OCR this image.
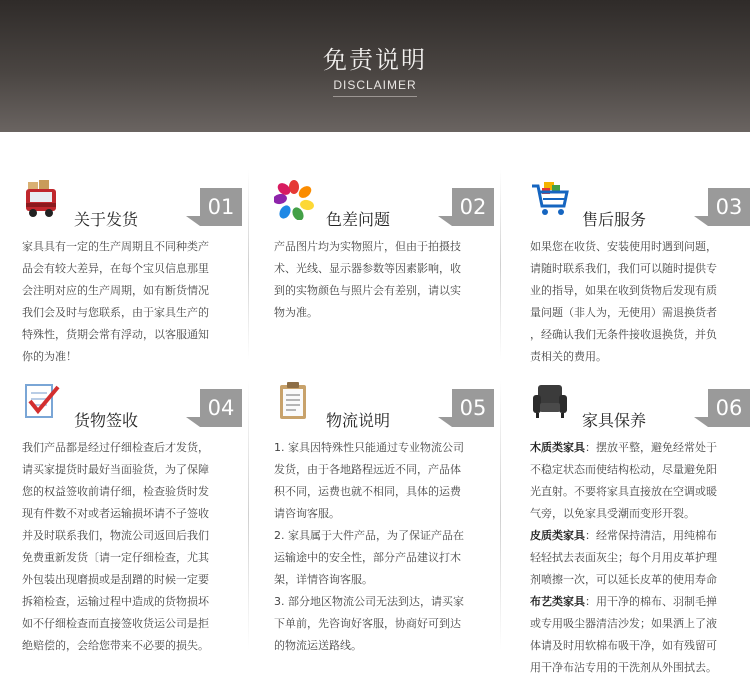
免责说明
DISCLAIMER
关于发货
01

家具具有一定的生产周期且不同种类产

品会有较大差异，在每个宝贝信息那里

会注明对应的生产周期，如有断货情况

我们会及时与您联系，由于家具生产的

特殊性，货期会常有浮动，以客服通知

你的为准！

色差问题
02

产品图片均为实物照片，但由于拍摄技

术、光线、显示器参数等因素影响，收

到的实物颜色与照片会有差别，请以实

物为准。

售后服务
03

如果您在收货、安装使用时遇到问题，

请随时联系我们，我们可以随时提供专

业的指导，如果在收到货物后发现有质

量问题（非人为，无使用）需退换货者

，经确认我们无条件接收退换货，并负

责相关的费用。

货物签收
04

我们产品都是经过仔细检查后才发货，

请买家提货时最好当面验货，为了保障

您的权益签收前请仔细，检查验货时发

现有件数不对或者运输损坏请不子签收

并及时联系我们，物流公司返回后我们

免费重新发货〔请一定仔细检查，尤其

外包装出现磨损或是刮蹭的时候一定要

拆箱检查，运输过程中造成的货物损坏

如不仔细检查而直接签收货运公司是拒

绝赔偿的，会给您带来不必要的损失。

物流说明
05

1. 家具因特殊性只能通过专业物流公司

发货，由于各地路程远近不同，产品体

积不同，运费也就不相同，具体的运费

请咨询客服。

2. 家具属于大件产品，为了保证产品在

运输途中的安全性，部分产品建议打木

架，详情咨询客服。

3. 部分地区物流公司无法到达，请买家

下单前，先咨询好客服，协商好可到达

的物流运送路线。

家具保养
06

木质类家具：摆放平整，避免经常处于

不稳定状态而使结构松动，尽量避免阳

光直射。不要将家具直接放在空调或暖

气旁，以免家具受潮而变形开裂。

皮质类家具：经常保持清洁，用纯棉布

轻轻拭去表面灰尘；每个月用皮革护理

剂喷擦一次，可以延长皮革的使用寿命

布艺类家具：用干净的棉布、羽制毛掸

或专用吸尘器清洁沙发；如果洒上了液

体请及时用软棉布吸干净，如有残留可

用干净布沾专用的干洗剂从外围拭去。
